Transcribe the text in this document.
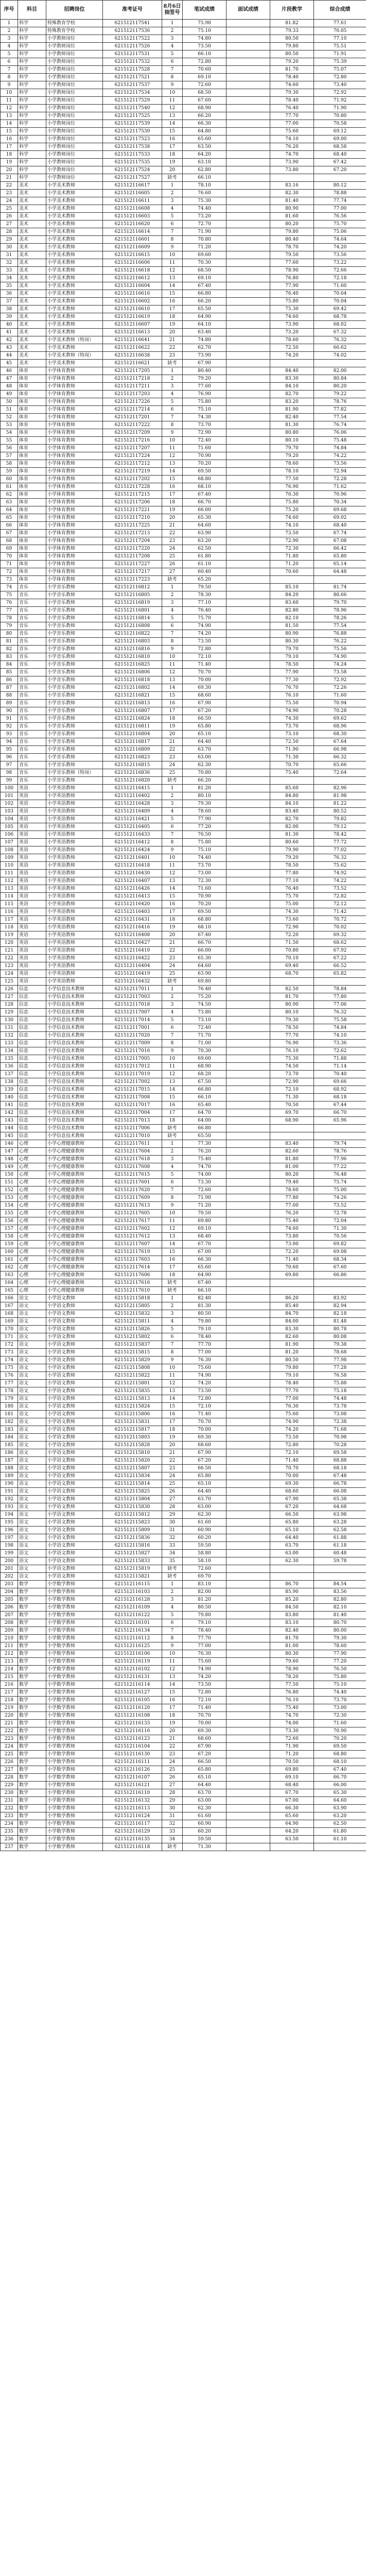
序号	科目	招聘岗位	准考证号	8月6日抽签号	笔试成绩	面试成绩	片段教学	综合成绩
1	科学	特殊教育学校	621512117541	1	75.90		81.82	77.61
2	科学	特殊教育学校	621512117536	2	75.10		79.33	76.05
3	科学	小学教师岗位	621512117522	3	74.80		80.50	77.10
4	科学	小学教师岗位	621512117526	4	73.50		79.80	75.51
5	科学	小学教师岗位	621512117531	5	66.10		80.50	71.91
6	科学	小学教师岗位	621512117532	6	72.80		79.20	75.39
7	科学	小学教师岗位	621512117528	7	70.60		81.70	75.07
8	科学	小学教师岗位	621512117521	8	69.10		78.40	72.80
9	科学	小学教师岗位	621512117537	9	72.60		74.60	73.40
10	科学	小学教师岗位	621512117534	10	68.50		79.30	72.92
11	科学	小学教师岗位	621512117529	11	67.60		78.40	71.92
12	科学	小学教师岗位	621512117540	12	68.90		76.40	71.90
13	科学	小学教师岗位	621512117525	13	66.20		77.70	70.80
14	科学	小学教师岗位	621512117539	14	66.30		77.00	70.58
15	科学	小学教师岗位	621512117530	15	64.80		75.60	69.12
16	科学	小学教师岗位	621512117523	16	65.60		74.10	69.00
17	科学	小学教师岗位	621512117538	17	63.50		76.20	68.58
18	科学	小学教师岗位	621512117533	18	64.20		74.70	68.40
19	科学	小学教师岗位	621512117535	19	63.10		73.90	67.42
20	科学	小学教师岗位	621512117524	20	62.80		73.80	67.20
21	科学	小学教师岗位	621512117527	缺考	66.10			
22	美术	小学美术教师	621512116617	1	78.10		83.16	80.12
23	美术	小学美术教师	621512116605	2	76.60		82.30	78.88
24	美术	小学美术教师	621512116611	3	75.30		81.40	77.74
25	美术	小学美术教师	621512116608	4	74.40		80.90	77.00
26	美术	小学美术教师	621512116603	5	73.20		81.60	76.56
27	美术	小学美术教师	621512116620	6	72.70		80.20	75.70
28	美术	小学美术教师	621512116614	7	71.90		79.80	75.06
29	美术	小学美术教师	621512116601	8	70.80		80.40	74.64
30	美术	小学美术教师	621512116609	9	71.20		78.70	74.20
31	美术	小学美术教师	621512116615	10	69.60		79.50	73.56
32	美术	小学美术教师	621512116606	11	70.30		77.60	73.22
33	美术	小学美术教师	621512116618	12	68.50		78.90	72.66
34	美术	小学美术教师	621512116612	13	69.10		76.80	72.18
35	美术	小学美术教师	621512116604	14	67.40		77.90	71.60
36	美术	小学美术教师	621512116616	15	66.80		76.40	70.64
37	美术	小学美术教师	621512116602	16	66.20		75.80	70.04
38	美术	小学美术教师	621512116610	17	65.50		75.30	69.42
39	美术	小学美术教师	621512116619	18	64.90		74.60	68.78
40	美术	小学美术教师	621512116607	19	64.10		73.90	68.02
41	美术	小学美术教师	621512116613	20	63.40		73.20	67.32
42	美术	小学美术教师（特岗）	621512116641	21	74.80		78.60	76.32
43	美术	小学美术教师	621512116622	22	62.70		72.50	66.62
44	美术	小学美术教师（特岗）	621512116638	23	73.90		74.20	74.02
45	美术	小学美术教师	621512116621	缺考	67.90			
46	体育	小学体育教师	621512117205	1	80.40		84.40	82.00
47	体育	小学体育教师	621512117218	2	79.20		83.30	80.84
48	体育	小学体育教师	621512117211	3	77.60		84.10	80.20
49	体育	小学体育教师	621512117203	4	76.90		82.70	79.22
50	体育	小学体育教师	621512117226	5	75.80		83.20	78.76
51	体育	小学体育教师	621512117214	6	75.10		81.90	77.82
52	体育	小学体育教师	621512117201	7	74.30		82.40	77.54
53	体育	小学体育教师	621512117222	8	73.70		81.30	76.74
54	体育	小学体育教师	621512117209	9	72.90		80.80	76.06
55	体育	小学体育教师	621512117216	10	72.40		80.10	75.48
56	体育	小学体育教师	621512117207	11	71.60		79.70	74.84
57	体育	小学体育教师	621512117224	12	70.90		79.20	74.22
58	体育	小学体育教师	621512117212	13	70.20		78.60	73.56
59	体育	小学体育教师	621512117219	14	69.50		78.10	72.94
60	体育	小学体育教师	621512117202	15	68.80		77.50	72.28
61	体育	小学体育教师	621512117228	16	68.10		76.90	71.62
62	体育	小学体育教师	621512117215	17	67.40		76.30	70.96
63	体育	小学体育教师	621512117206	18	66.70		75.80	70.34
64	体育	小学体育教师	621512117221	19	66.00		75.20	69.68
65	体育	小学体育教师	621512117210	20	65.30		74.60	69.02
66	体育	小学体育教师	621512117225	21	64.60		74.10	68.40
67	体育	小学体育教师	621512117213	22	63.90		73.50	67.74
68	体育	小学体育教师	621512117204	23	63.20		72.90	67.08
69	体育	小学体育教师	621512117220	24	62.50		72.30	66.42
70	体育	小学体育教师	621512117208	25	61.80		71.80	65.80
71	体育	小学体育教师	621512117227	26	61.10		71.20	65.14
72	体育	小学体育教师	621512117217	27	60.40		70.60	64.48
73	体育	小学体育教师	621512117223	缺考	65.20			
74	音乐	小学音乐教师	621512116812	1	79.50		85.10	81.74
75	音乐	小学音乐教师	621512116805	2	78.30		84.20	80.66
76	音乐	小学音乐教师	621512116819	3	77.10		83.60	79.70
77	音乐	小学音乐教师	621512116801	4	76.40		82.80	78.96
78	音乐	小学音乐教师	621512116814	5	75.70		82.10	78.26
79	音乐	小学音乐教师	621512116808	6	74.90		81.50	77.54
80	音乐	小学音乐教师	621512116822	7	74.20		80.90	76.88
81	音乐	小学音乐教师	621512116803	8	73.50		80.30	76.22
82	音乐	小学音乐教师	621512116816	9	72.80		79.70	75.56
83	音乐	小学音乐教师	621512116810	10	72.10		79.10	74.90
84	音乐	小学音乐教师	621512116825	11	71.40		78.50	74.24
85	音乐	小学音乐教师	621512116806	12	70.70		77.90	73.58
86	音乐	小学音乐教师	621512116818	13	70.00		77.30	72.92
87	音乐	小学音乐教师	621512116802	14	69.30		76.70	72.26
88	音乐	小学音乐教师	621512116821	15	68.60		76.10	71.60
89	音乐	小学音乐教师	621512116813	16	67.90		75.50	70.94
90	音乐	小学音乐教师	621512116807	17	67.20		74.90	70.28
91	音乐	小学音乐教师	621512116824	18	66.50		74.30	69.62
92	音乐	小学音乐教师	621512116811	19	65.80		73.70	68.96
93	音乐	小学音乐教师	621512116804	20	65.10		73.10	68.30
94	音乐	小学音乐教师	621512116817	21	64.40		72.50	67.64
95	音乐	小学音乐教师	621512116809	22	63.70		71.90	66.98
96	音乐	小学音乐教师	621512116823	23	63.00		71.30	66.32
97	音乐	小学音乐教师	621512116815	24	62.30		70.70	65.66
98	音乐	小学音乐教师（特岗）	621512116836	25	70.80		75.40	72.64
99	音乐	小学音乐教师	621512116820	缺考	66.20			
100	英语	小学英语教师	621512116415	1	81.20		85.60	82.96
101	英语	小学英语教师	621512116402	2	80.10		84.80	81.98
102	英语	小学英语教师	621512116428	3	79.30		84.10	81.22
103	英语	小学英语教师	621512116409	4	78.60		83.40	80.52
104	英语	小学英语教师	621512116421	5	77.90		82.70	79.82
105	英语	小学英语教师	621512116405	6	77.20		82.00	79.12
106	英语	小学英语教师	621512116433	7	76.50		81.30	78.42
107	英语	小学英语教师	621512116412	8	75.80		80.60	77.72
108	英语	小学英语教师	621512116424	9	75.10		79.90	77.02
109	英语	小学英语教师	621512116401	10	74.40		79.20	76.32
110	英语	小学英语教师	621512116418	11	73.70		78.50	75.62
111	英语	小学英语教师	621512116430	12	73.00		77.80	74.92
112	英语	小学英语教师	621512116407	13	72.30		77.10	74.22
113	英语	小学英语教师	621512116426	14	71.60		76.40	73.52
114	英语	小学英语教师	621512116413	15	70.90		75.70	72.82
115	英语	小学英语教师	621512116420	16	70.20		75.00	72.12
116	英语	小学英语教师	621512116403	17	69.50		74.30	71.42
117	英语	小学英语教师	621512116431	18	68.80		73.60	70.72
118	英语	小学英语教师	621512116416	19	68.10		72.90	70.02
119	英语	小学英语教师	621512116408	20	67.40		72.20	69.32
120	英语	小学英语教师	621512116427	21	66.70		71.50	68.62
121	英语	小学英语教师	621512116410	22	66.00		70.80	67.92
122	英语	小学英语教师	621512116422	23	65.30		70.10	67.22
123	英语	小学英语教师	621512116404	24	64.60		69.40	66.52
124	英语	小学英语教师	621512116419	25	63.90		68.70	65.82
125	英语	小学英语教师	621512116432	缺考	69.80			
126	信息	小学信息技术教师	621512117011	1	76.40		82.50	78.84
127	信息	小学信息技术教师	621512117003	2	75.20		81.70	77.80
128	信息	小学信息技术教师	621512117018	3	74.50		80.90	77.06
129	信息	小学信息技术教师	621512117007	4	73.80		80.10	76.32
130	信息	小学信息技术教师	621512117014	5	73.10		79.30	75.58
131	信息	小学信息技术教师	621512117001	6	72.40		78.50	74.84
132	信息	小学信息技术教师	621512117020	7	71.70		77.70	74.10
133	信息	小学信息技术教师	621512117009	8	71.00		76.90	73.36
134	信息	小学信息技术教师	621512117016	9	70.30		76.10	72.62
135	信息	小学信息技术教师	621512117005	10	69.60		75.30	71.88
136	信息	小学信息技术教师	621512117012	11	68.90		74.50	71.14
137	信息	小学信息技术教师	621512117019	12	68.20		73.70	70.40
138	信息	小学信息技术教师	621512117002	13	67.50		72.90	69.66
139	信息	小学信息技术教师	621512117015	14	66.80		72.10	68.92
140	信息	小学信息技术教师	621512117008	15	66.10		71.30	68.18
141	信息	小学信息技术教师	621512117017	16	65.40		70.50	67.44
142	信息	小学信息技术教师	621512117004	17	64.70		69.70	66.70
143	信息	小学信息技术教师	621512117013	18	64.00		68.90	65.96
144	信息	小学信息技术教师	621512117006	缺考	66.80			
145	信息	小学信息技术教师	621512117010	缺考	65.50			
146	心理	小学心理健康教师	621512117611	1	77.30		83.40	79.74
147	心理	小学心理健康教师	621512117604	2	76.20		82.60	78.76
148	心理	小学心理健康教师	621512117618	3	75.40		81.80	77.96
149	心理	小学心理健康教师	621512117608	4	74.70		81.00	77.22
150	心理	小学心理健康教师	621512117615	5	74.00		80.20	76.48
151	心理	小学心理健康教师	621512117601	6	73.30		79.40	75.74
152	心理	小学心理健康教师	621512117620	7	72.60		78.60	75.00
153	心理	小学心理健康教师	621512117609	8	71.90		77.80	74.26
154	心理	小学心理健康教师	621512117613	9	71.20		77.00	73.52
155	心理	小学心理健康教师	621512117605	10	70.50		76.20	72.78
156	心理	小学心理健康教师	621512117617	11	69.80		75.40	72.04
157	心理	小学心理健康教师	621512117602	12	69.10		74.60	71.30
158	心理	小学心理健康教师	621512117612	13	68.40		73.80	70.56
159	心理	小学心理健康教师	621512117607	14	67.70		73.00	69.82
160	心理	小学心理健康教师	621512117619	15	67.00		72.20	69.08
161	心理	小学心理健康教师	621512117603	16	66.30		71.40	68.34
162	心理	小学心理健康教师	621512117614	17	65.60		70.60	67.60
163	心理	小学心理健康教师	621512117606	18	64.90		69.80	66.86
164	心理	小学心理健康教师	621512117616	缺考	67.40			
165	心理	小学心理健康教师	621512117610	缺考	66.10			
166	语文	小学语文教师	621512115818	1	82.40		86.20	83.92
167	语文	小学语文教师	621512115805	2	81.30		85.40	82.94
168	语文	小学语文教师	621512115832	3	80.50		84.70	82.18
169	语文	小学语文教师	621512115811	4	79.80		84.00	81.48
170	语文	小学语文教师	621512115826	5	79.10		83.30	80.78
171	语文	小学语文教师	621512115802	6	78.40		82.60	80.08
172	语文	小学语文教师	621512115837	7	77.70		81.90	79.38
173	语文	小学语文教师	621512115815	8	77.00		81.20	78.68
174	语文	小学语文教师	621512115829	9	76.30		80.50	77.98
175	语文	小学语文教师	621512115808	10	75.60		79.80	77.28
176	语文	小学语文教师	621512115822	11	74.90		79.10	76.58
177	语文	小学语文教师	621512115801	12	74.20		78.40	75.88
178	语文	小学语文教师	621512115835	13	73.50		77.70	75.18
179	语文	小学语文教师	621512115813	14	72.80		77.00	74.48
180	语文	小学语文教师	621512115824	15	72.10		76.30	73.78
181	语文	小学语文教师	621512115806	16	71.40		75.60	73.08
182	语文	小学语文教师	621512115831	17	70.70		74.90	72.38
183	语文	小学语文教师	621512115817	18	70.00		74.20	71.68
184	语文	小学语文教师	621512115803	19	69.30		73.50	70.98
185	语文	小学语文教师	621512115828	20	68.60		72.80	70.28
186	语文	小学语文教师	621512115810	21	67.90		72.10	69.58
187	语文	小学语文教师	621512115820	22	67.20		71.40	68.88
188	语文	小学语文教师	621512115807	23	66.50		70.70	68.18
189	语文	小学语文教师	621512115834	24	65.80		70.00	67.48
190	语文	小学语文教师	621512115814	25	65.10		69.30	66.78
191	语文	小学语文教师	621512115825	26	64.40		68.60	66.08
192	语文	小学语文教师	621512115804	27	63.70		67.90	65.38
193	语文	小学语文教师	621512115830	28	63.00		67.20	64.68
194	语文	小学语文教师	621512115812	29	62.30		66.50	63.98
195	语文	小学语文教师	621512115823	30	61.60		65.80	63.28
196	语文	小学语文教师	621512115809	31	60.90		65.10	62.58
197	语文	小学语文教师	621512115836	32	60.20		64.40	61.88
198	语文	小学语文教师	621512115816	33	59.50		63.70	61.18
199	语文	小学语文教师	621512115827	34	58.80		63.00	60.48
200	语文	小学语文教师	621512115833	35	58.10		62.30	59.78
201	语文	小学语文教师	621512115819	缺考	72.60			
202	语文	小学语文教师	621512115821	缺考	69.70			
203	数学	小学数学教师	621512116115	1	83.10		86.70	84.54
204	数学	小学数学教师	621512116103	2	82.00		85.90	83.56
205	数学	小学数学教师	621512116128	3	81.20		85.20	82.80
206	数学	小学数学教师	621512116109	4	80.50		84.50	82.10
207	数学	小学数学教师	621512116122	5	79.80		83.80	81.40
208	数学	小学数学教师	621512116101	6	79.10		83.10	80.70
209	数学	小学数学教师	621512116134	7	78.40		82.40	80.00
210	数学	小学数学教师	621512116112	8	77.70		81.70	79.30
211	数学	小学数学教师	621512116125	9	77.00		81.00	78.60
212	数学	小学数学教师	621512116106	10	76.30		80.30	77.90
213	数学	小学数学教师	621512116119	11	75.60		79.60	77.20
214	数学	小学数学教师	621512116102	12	74.90		78.90	76.50
215	数学	小学数学教师	621512116131	13	74.20		78.20	75.80
216	数学	小学数学教师	621512116114	14	73.50		77.50	75.10
217	数学	小学数学教师	621512116127	15	72.80		76.80	74.40
218	数学	小学数学教师	621512116105	16	72.10		76.10	73.70
219	数学	小学数学教师	621512116120	17	71.40		75.40	73.00
220	数学	小学数学教师	621512116108	18	70.70		74.70	72.30
221	数学	小学数学教师	621512116133	19	70.00		74.00	71.60
222	数学	小学数学教师	621512116116	20	69.30		73.30	70.90
223	数学	小学数学教师	621512116123	21	68.60		72.60	70.20
224	数学	小学数学教师	621512116104	22	67.90		71.90	69.50
225	数学	小学数学教师	621512116130	23	67.20		71.20	68.80
226	数学	小学数学教师	621512116111	24	66.50		70.50	68.10
227	数学	小学数学教师	621512116126	25	65.80		69.80	67.40
228	数学	小学数学教师	621512116107	26	65.10		69.10	66.70
229	数学	小学数学教师	621512116121	27	64.40		68.40	66.00
230	数学	小学数学教师	621512116110	28	63.70		67.70	65.30
231	数学	小学数学教师	621512116132	29	63.00		67.00	64.60
232	数学	小学数学教师	621512116113	30	62.30		66.30	63.90
233	数学	小学数学教师	621512116124	31	61.60		65.60	63.20
234	数学	小学数学教师	621512116117	32	60.90		64.90	62.50
235	数学	小学数学教师	621512116129	33	60.20		64.20	61.80
236	数学	小学数学教师	621512116135	34	59.50		63.50	61.10
237	数学	小学数学教师	621512116118	缺考	71.30			
